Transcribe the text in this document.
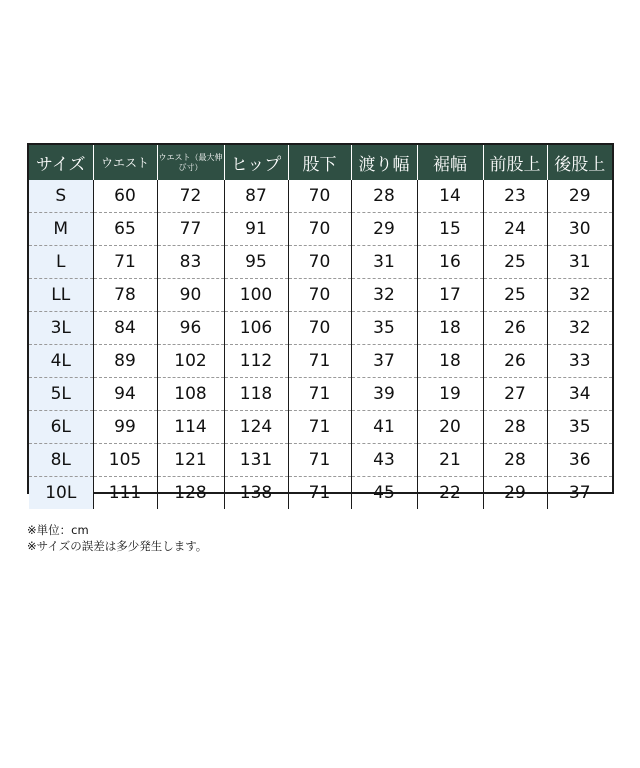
サイズ	ウエスト	ウエスト（最大伸び寸）	ヒップ	股下	渡り幅	裾幅	前股上	後股上
S	60	72	87	70	28	14	23	29
M	65	77	91	70	29	15	24	30
L	71	83	95	70	31	16	25	31
LL	78	90	100	70	32	17	25	32
3L	84	96	106	70	35	18	26	32
4L	89	102	112	71	37	18	26	33
5L	94	108	118	71	39	19	27	34
6L	99	114	124	71	41	20	28	35
8L	105	121	131	71	43	21	28	36
10L	111	128	138	71	45	22	29	37
※単位：cm
※サイズの誤差は多少発生します。
